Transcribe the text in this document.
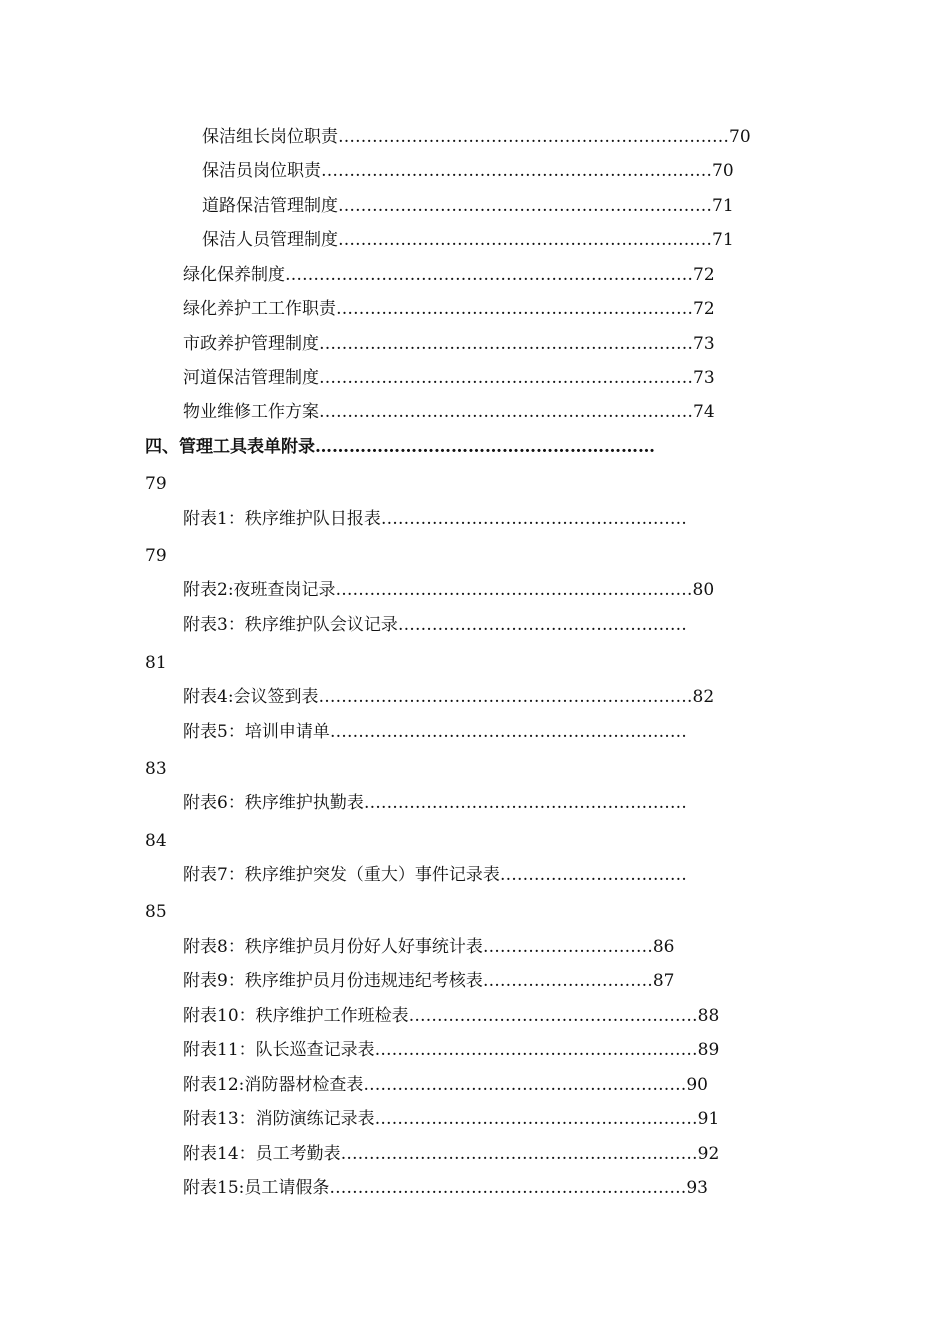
保洁组长岗位职责……………………………………………………………70
保洁员岗位职责……………………………………………………………70
道路保洁管理制度…………………………………………………………71
保洁人员管理制度…………………………………………………………71
绿化保养制度………………………………………………………………72
绿化养护工工作职责………………………………………………………72
市政养护管理制度…………………………………………………………73
河道保洁管理制度…………………………………………………………73
物业维修工作方案…………………………………………………………74
四、管理工具表单附录……………………………………………………
79
附表1：秩序维护队日报表………………………………………………
79
附表2:夜班查岗记录………………………………………………………80
附表3：秩序维护队会议记录……………………………………………
81
附表4:会议签到表…………………………………………………………82
附表5：培训申请单………………………………………………………
83
附表6：秩序维护执勤表…………………………………………………
84
附表7：秩序维护突发（重大）事件记录表……………………………
85
附表8：秩序维护员月份好人好事统计表…………………………86
附表9：秩序维护员月份违规违纪考核表…………………………87
附表10：秩序维护工作班检表……………………………………………88
附表11：队长巡查记录表…………………………………………………89
附表12:消防器材检查表…………………………………………………90
附表13：消防演练记录表…………………………………………………91
附表14：员工考勤表………………………………………………………92
附表15:员工请假条………………………………………………………93
